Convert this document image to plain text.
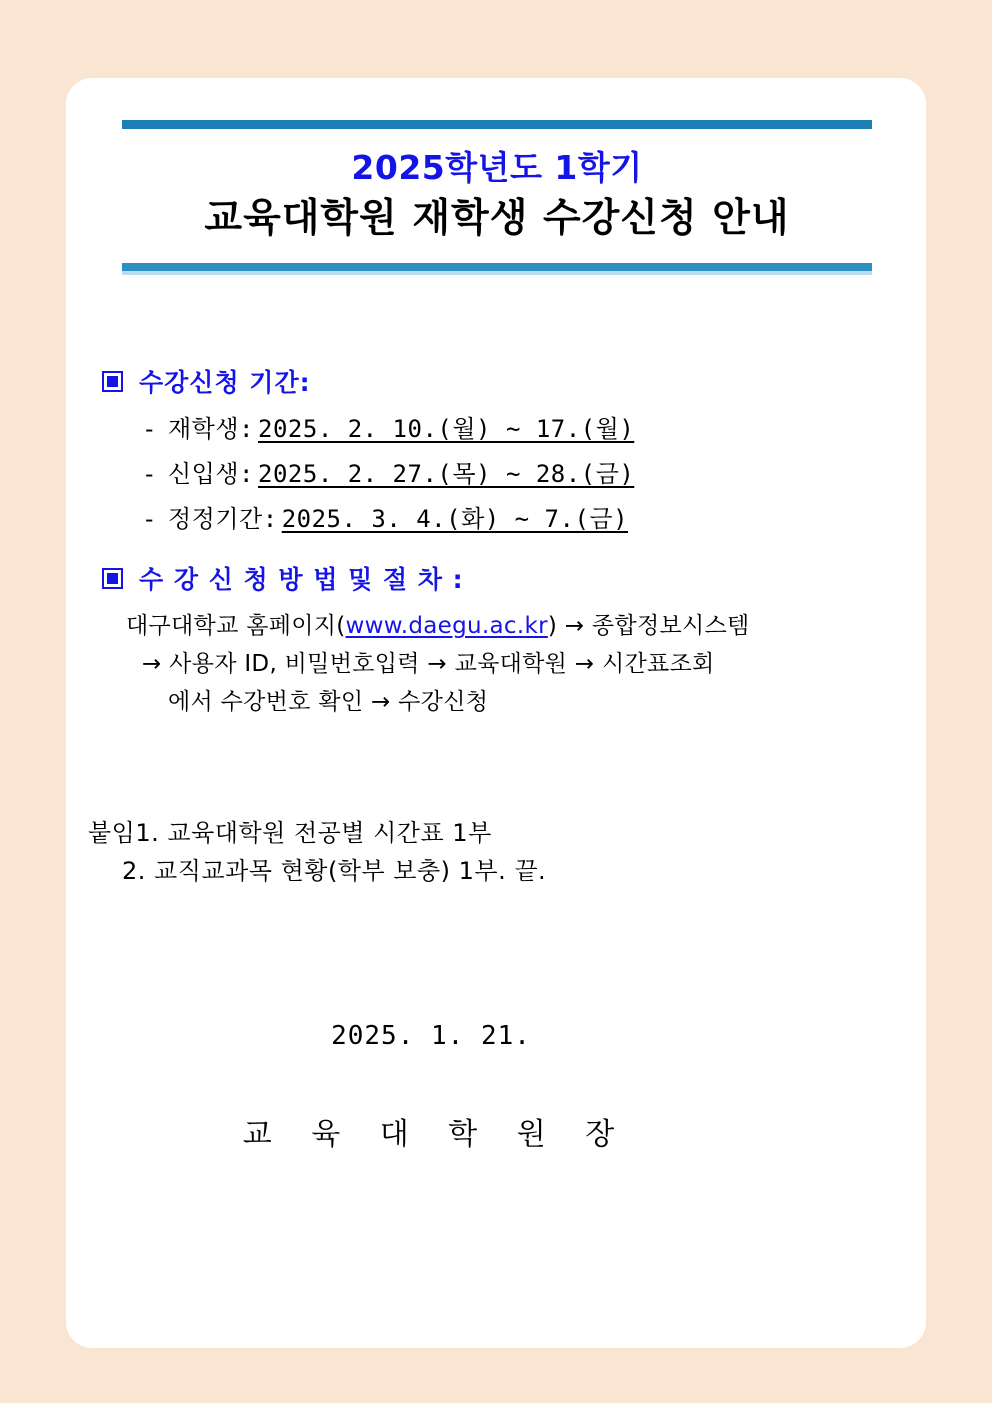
2025학년도 1학기
교육대학원 재학생 수강신청 안내
수강신청 기간:
- 재학생: 2025. 2. 10.(월) ~ 17.(월)
- 신입생: 2025. 2. 27.(목) ~ 28.(금)
- 정정기간: 2025. 3. 4.(화) ~ 7.(금)
수 강 신 청 방 법 및 절 차 :
대구대학교 홈페이지(www.daegu.ac.kr) → 종합정보시스템
→ 사용자 ID, 비밀번호입력 → 교육대학원 → 시간표조회
에서 수강번호 확인 → 수강신청
붙임1. 교육대학원 전공별 시간표 1부
2. 교직교과목 현황(학부 보충) 1부. 끝.
2025. 1. 21.
교 육 대 학 원 장
